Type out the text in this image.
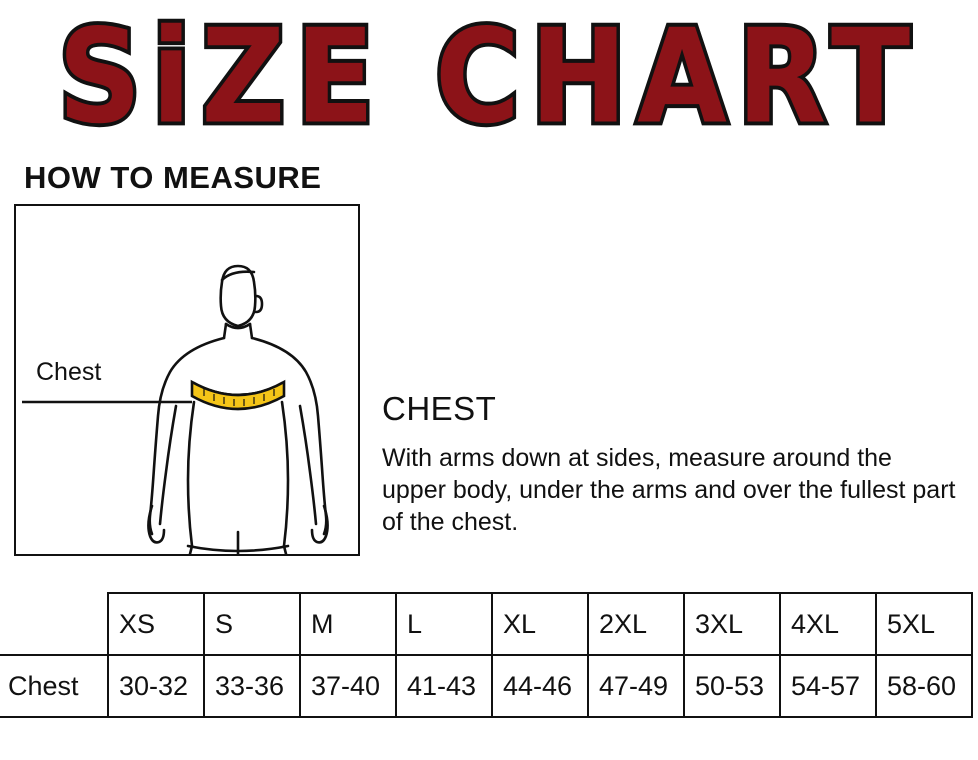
SiZE CHART
HOW TO MEASURE
Chest
CHEST
With arms down at sides, measure around the upper body, under the arms and over the fullest part of the chest.
	XS	S	M	L	XL	2XL	3XL	4XL	5XL
Chest	30-32	33-36	37-40	41-43	44-46	47-49	50-53	54-57	58-60
